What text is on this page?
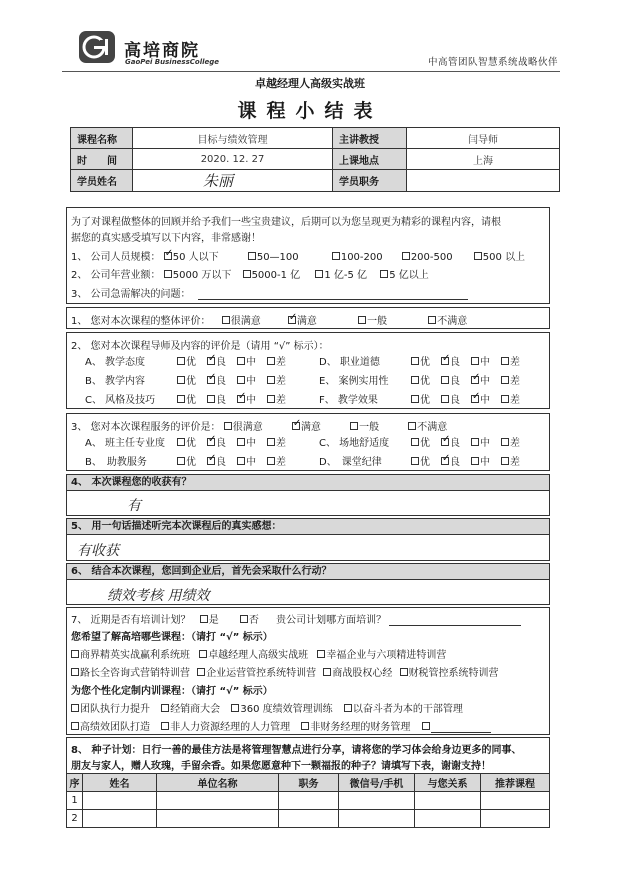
高培商院
GaoPei BusinessCollege	中高管团队智慧系统战略伙伴
卓越经理人高级实战班
课程小结表
课程名称	目标与绩效管理	主讲教授	闫导师
时　　间	2020. 12. 27	上课地点	上海
学员姓名	朱丽	学员职务	
为了对课程做整体的回顾并给予我们一些宝贵建议，后期可以为您呈现更为精彩的课程内容，请根
据您的真实感受填写以下内容，非常感谢！
1、 公司人员规模： ✓ 50 人以下	50—100	100-200	200-500	500 以上
2、 公司年营业额： 5000 万以下 5000-1 亿 1 亿-5 亿 5 亿以上
3、 公司急需解决的问题：
1、 您对本次课程的整体评价： 很满意 ✓	满意	一般	不满意
2、 您对本次课程导师及内容的评价是（请用 “√” 标示）：
A、 教学态度	优 ✓ 良 中 差	D、 职业道德	优 ✓ 良 中 差
B、 教学内容	优 ✓ 良 中 差	E、 案例实用性	优 良 ✓ 中 差
C、 风格及技巧	优 良 ✓ 中 差	F、 教学效果	优 良 ✓ 中 差
3、 您对本次课程服务的评价是： 很满意 ✓	满意	一般	不满意
A、 班主任专业度 优 ✓ 良 中 差	C、 场地舒适度	优 ✓ 良 中 差
B、　助教服务	优 ✓ 良 中 差	D、　课堂纪律	优 ✓ 良 中 差
4、 本次课程您的收获有？
有
5、 用一句话描述听完本次课程后的真实感想：
有收获
6、 结合本次课程，您回到企业后，首先会采取什么行动？
绩效考核 用绩效
7、 近期是否有培训计划？ 是	否 贵公司计划哪方面培训？
您希望了解高培哪些课程：（请打 “√” 标示）
商界精英实战赢利系统班 卓越经理人高级实战班 幸福企业与六项精进特训营
路长全咨询式营销特训营 企业运营管控系统特训营 商战股权心经 财税管控系统特训营
为您个性化定制内训课程：（请打 “√” 标示）
团队执行力提升 经销商大会 360 度绩效管理训练 以奋斗者为本的干部管理
高绩效团队打造 非人力资源经理的人力管理 非财务经理的财务管理
8、 种子计划：日行一善的最佳方法是将管理智慧点进行分享，请将您的学习体会给身边更多的同事、
朋友与家人，赠人玫瑰，手留余香。如果您愿意种下一颗福报的种子？请填写下表，谢谢支持！
序	姓名	单位名称	职务	微信号/手机	与您关系	推荐课程
1						
2						
